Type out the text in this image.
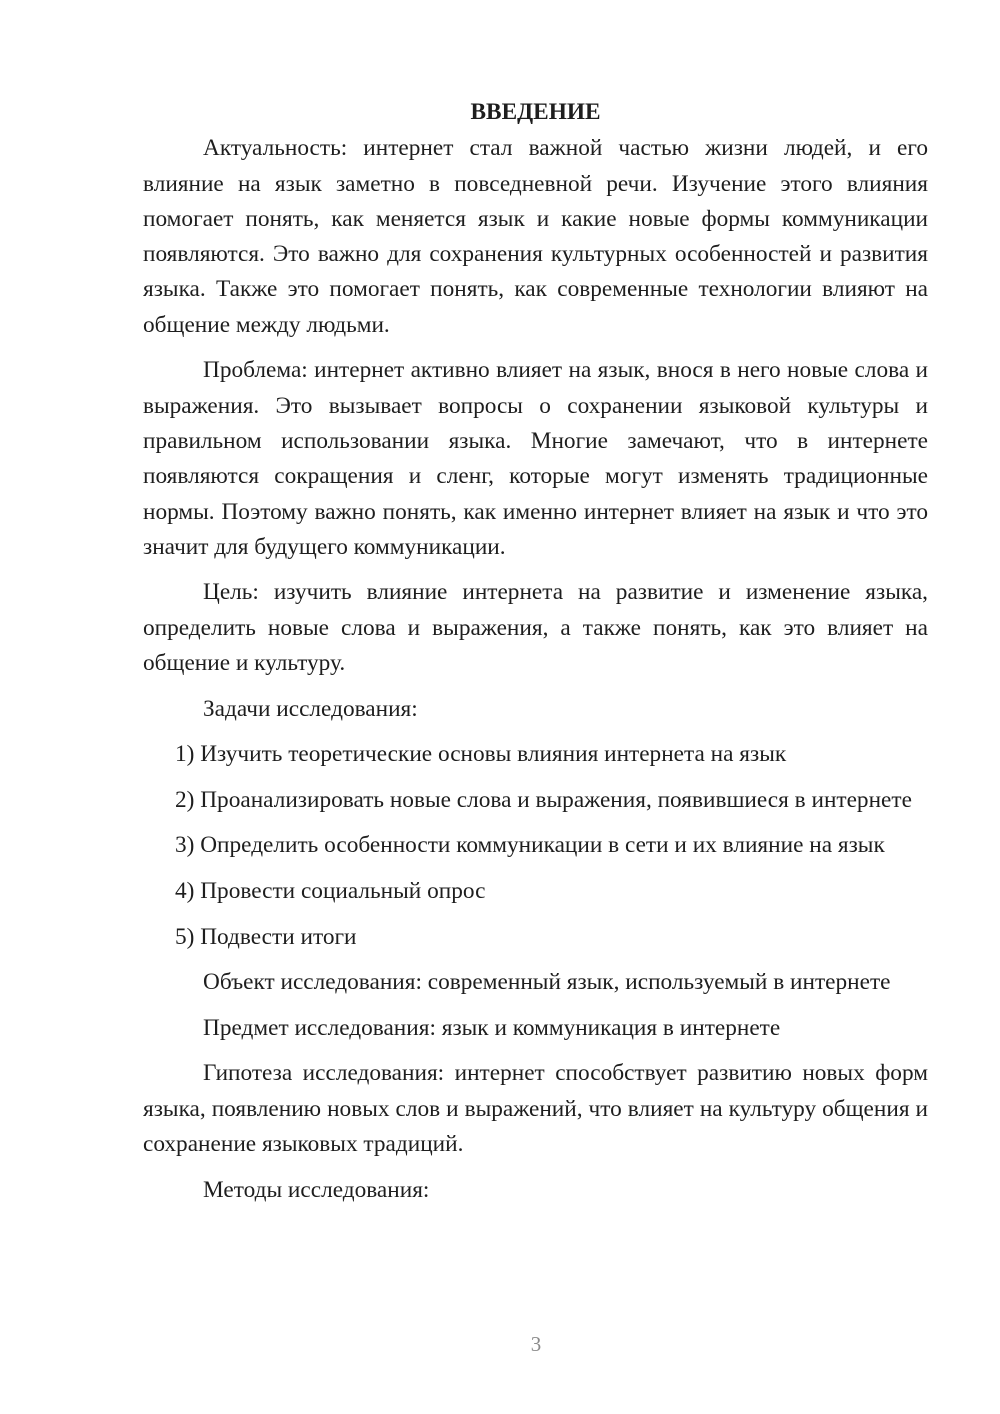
ВВЕДЕНИЕ

Актуальность: интернет стал важной частью жизни людей, и его влияние на язык заметно в повседневной речи. Изучение этого влияния помогает понять, как меняется язык и какие новые формы коммуникации появляются. Это важно для сохранения культурных особенностей и развития языка. Также это помогает понять, как современные технологии влияют на общение между людьми.

Проблема: интернет активно влияет на язык, внося в него новые слова и выражения. Это вызывает вопросы о сохранении языковой культуры и правильном использовании языка. Многие замечают, что в интернете появляются сокращения и сленг, которые могут изменять традиционные нормы. Поэтому важно понять, как именно интернет влияет на язык и что это значит для будущего коммуникации.

Цель: изучить влияние интернета на развитие и изменение языка, определить новые слова и выражения, а также понять, как это влияет на общение и культуру.

Задачи исследования:

1) Изучить теоретические основы влияния интернета на язык

2) Проанализировать новые слова и выражения, появившиеся в интернете

3) Определить особенности коммуникации в сети и их влияние на язык

4) Провести социальный опрос

5) Подвести итоги

Объект исследования: современный язык, используемый в интернете

Предмет исследования: язык и коммуникация в интернете

Гипотеза исследования: интернет способствует развитию новых форм языка, появлению новых слов и выражений, что влияет на культуру общения и сохранение языковых традиций.

Методы исследования:

3
